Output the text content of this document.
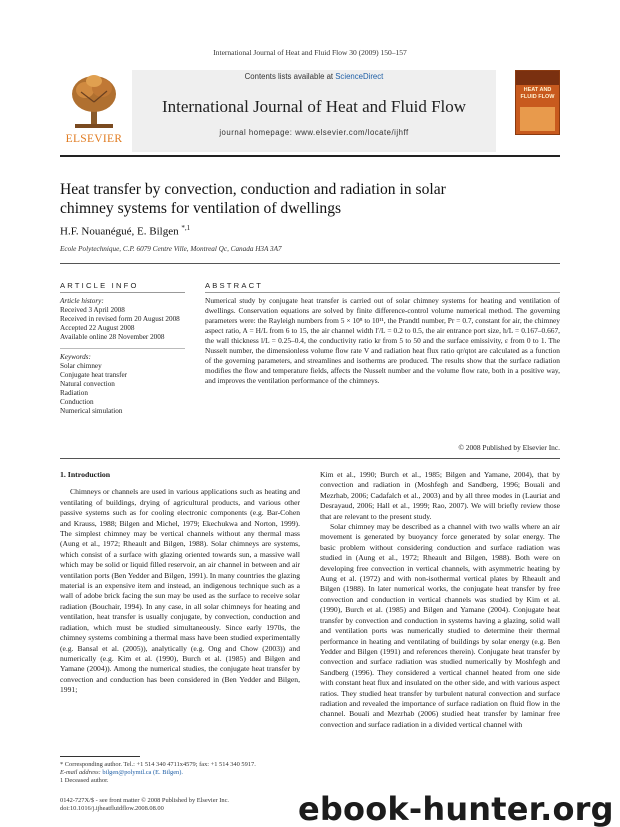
International Journal of Heat and Fluid Flow 30 (2009) 150–157
ELSEVIER
Contents lists available at ScienceDirect
International Journal of Heat and Fluid Flow
journal homepage: www.elsevier.com/locate/ijhff
HEAT AND FLUID FLOW
Heat transfer by convection, conduction and radiation in solar chimney systems for ventilation of dwellings
H.F. Nouanégué, E. Bilgen $^{*,1}$
Ecole Polytechnique, C.P. 6079 Centre Ville, Montreal Qc, Canada H3A 3A7
ARTICLE INFO	ABSTRACT
Article history:
Received 3 April 2008
Received in revised form 20 August 2008
Accepted 22 August 2008
Available online 28 November 2008
Keywords:
Solar chimney
Conjugate heat transfer
Natural convection
Radiation
Conduction
Numerical simulation
Numerical study by conjugate heat transfer is carried out of solar chimney systems for heating and ventilation of dwellings. Conservation equations are solved by finite difference-control volume numerical method. The governing parameters were: the Rayleigh numbers from 5 × 10⁸ to 10¹¹, the Prandtl number, Pr = 0.7, constant for air, the chimney aspect ratio, A = H/L from 6 to 15, the air channel width l′/L = 0.2 to 0.5, the air entrance port size, h/L = 0.167–0.667, the wall thickness l/L = 0.25–0.4, the conductivity ratio kr from 5 to 50 and the surface emissivity, ε from 0 to 1. The Nusselt number, the dimensionless volume flow rate V and radiation heat flux ratio qr/qtot are calculated as a function of the governing parameters, and streamlines and isotherms are produced. The results show that the surface radiation modifies the flow and temperature fields, affects the Nusselt number and the volume flow rate, both in a positive way, and improves the ventilation performance of the chimneys.
© 2008 Published by Elsevier Inc.

1. Introduction

Chimneys or channels are used in various applications such as heating and ventilating of buildings, drying of agricultural products, and various other passive systems such as for cooling electronic components (e.g. Bar-Cohen and Krauss, 1988; Bilgen and Michel, 1979; Ekechukwa and Norton, 1999). The simplest chimney may be vertical channels without any thermal mass (Aung et al., 1972; Rheault and Bilgen, 1988). Solar chimneys are systems, which consist of a surface with glazing oriented towards sun, a massive wall which may be solid or liquid filled reservoir, an air channel in between and air ventilation ports (Ben Yedder and Bilgen, 1991). In many countries the glazing material is an expensive item and instead, an indigenous technique such as a wall of adobe brick facing the sun may be used as the surface to receive solar radiation (Bouchair, 1994). In any case, in all solar chimneys for heating and ventilation, heat transfer is usually conjugate, by convection, conduction and radiation, which must be studied simultaneously. Since early 1970s, the chimney systems combining a thermal mass have been studied experimentally (e.g. Bansal et al. (2005)), analytically (e.g. Ong and Chow (2003)) and numerically (e.g. Kim et al. (1990), Burch et al. (1985) and Bilgen and Yamane (2004)). Among the numerical studies, the conjugate heat transfer by convection and conduction has been considered in (Ben Yedder and Bilgen, 1991;

Kim et al., 1990; Burch et al., 1985; Bilgen and Yamane, 2004), that by convection and radiation in (Moshfegh and Sandberg, 1996; Bouali and Mezrhab, 2006; Cadafalch et al., 2003) and by all three modes in (Lauriat and Desrayaud, 2006; Hall et al., 1999; Rao, 2007). We will briefly review those that are relevant to the present study.

Solar chimney may be described as a channel with two walls where an air movement is generated by buoyancy force generated by solar energy. The basic problem without considering conduction and surface radiation was studied in (Aung et al., 1972; Rheault and Bilgen, 1988). Both were on developing free convection in vertical channels, with asymmetric heating by Aung et al. (1972) and with non-isothermal vertical plates by Rheault and Bilgen (1988). In later numerical works, the conjugate heat transfer by free convection and conduction in vertical channels was studied by Kim et al. (1990), Burch et al. (1985) and Bilgen and Yamane (2004). Conjugate heat transfer by convection and conduction in systems having a glazing, solid wall and ventilation ports was numerically studied to determine their thermal performance in heating and ventilating of buildings by solar energy (e.g. Ben Yedder and Bilgen (1991) and references therein). Conjugate heat transfer by convection and surface radiation was studied numerically by Moshfegh and Sandberg (1996). They considered a vertical channel heated from one side with constant heat flux and insulated on the other side, and with various aspect ratios. They studied heat transfer by turbulent natural convection and surface radiation and revealed the importance of surface radiation on fluid flow in the channel. Bouali and Mezrhab (2006) studied heat transfer by laminar free convection and surface radiation in a divided vertical channel with

* Corresponding author. Tel.: +1 514 340 4711x4579; fax: +1 514 340 5917.
E-mail address: bilgen@polymtl.ca (E. Bilgen).
1 Deceased author.
0142-727X/$ - see front matter © 2008 Published by Elsevier Inc.
doi:10.1016/j.ijheatfluidflow.2008.08.00	ebook-hunter.org
